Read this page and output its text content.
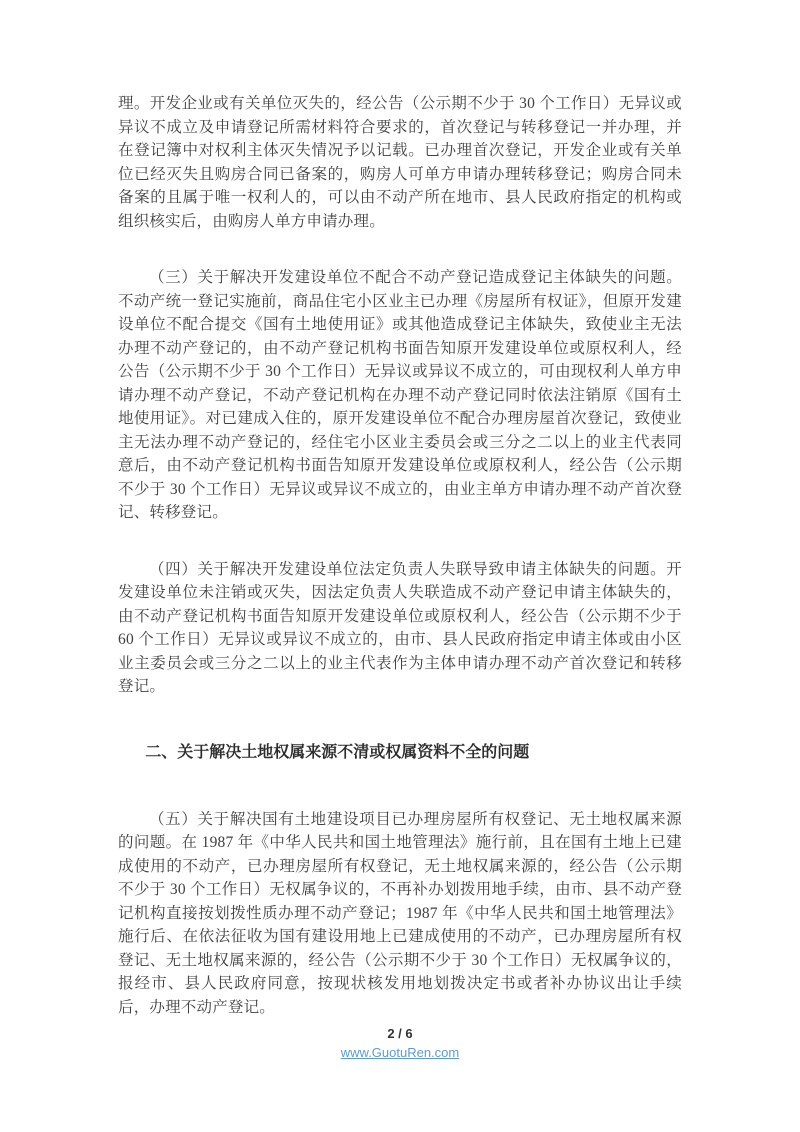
理。开发企业或有关单位灭失的，经公告（公示期不少于 30 个工作日）无异议或异议不成立及申请登记所需材料符合要求的，首次登记与转移登记一并办理，并在登记簿中对权利主体灭失情况予以记载。已办理首次登记，开发企业或有关单位已经灭失且购房合同已备案的，购房人可单方申请办理转移登记；购房合同未备案的且属于唯一权利人的，可以由不动产所在地市、县人民政府指定的机构或组织核实后，由购房人单方申请办理。

（三）关于解决开发建设单位不配合不动产登记造成登记主体缺失的问题。不动产统一登记实施前，商品住宅小区业主已办理《房屋所有权证》，但原开发建设单位不配合提交《国有土地使用证》或其他造成登记主体缺失，致使业主无法办理不动产登记的，由不动产登记机构书面告知原开发建设单位或原权利人，经公告（公示期不少于 30 个工作日）无异议或异议不成立的，可由现权利人单方申请办理不动产登记，不动产登记机构在办理不动产登记同时依法注销原《国有土地使用证》。对已建成入住的，原开发建设单位不配合办理房屋首次登记，致使业主无法办理不动产登记的，经住宅小区业主委员会或三分之二以上的业主代表同意后，由不动产登记机构书面告知原开发建设单位或原权利人，经公告（公示期不少于 30 个工作日）无异议或异议不成立的，由业主单方申请办理不动产首次登记、转移登记。

（四）关于解决开发建设单位法定负责人失联导致申请主体缺失的问题。开发建设单位未注销或灭失，因法定负责人失联造成不动产登记申请主体缺失的，由不动产登记机构书面告知原开发建设单位或原权利人，经公告（公示期不少于 60 个工作日）无异议或异议不成立的，由市、县人民政府指定申请主体或由小区业主委员会或三分之二以上的业主代表作为主体申请办理不动产首次登记和转移登记。

二、关于解决土地权属来源不清或权属资料不全的问题

（五）关于解决国有土地建设项目已办理房屋所有权登记、无土地权属来源的问题。在 1987 年《中华人民共和国土地管理法》施行前，且在国有土地上已建成使用的不动产，已办理房屋所有权登记，无土地权属来源的，经公告（公示期不少于 30 个工作日）无权属争议的，不再补办划拨用地手续，由市、县不动产登记机构直接按划拨性质办理不动产登记；1987 年《中华人民共和国土地管理法》施行后、在依法征收为国有建设用地上已建成使用的不动产，已办理房屋所有权登记、无土地权属来源的，经公告（公示期不少于 30 个工作日）无权属争议的，报经市、县人民政府同意，按现状核发用地划拨决定书或者补办协议出让手续后，办理不动产登记。

2 / 6
www.GuotuRen.com
